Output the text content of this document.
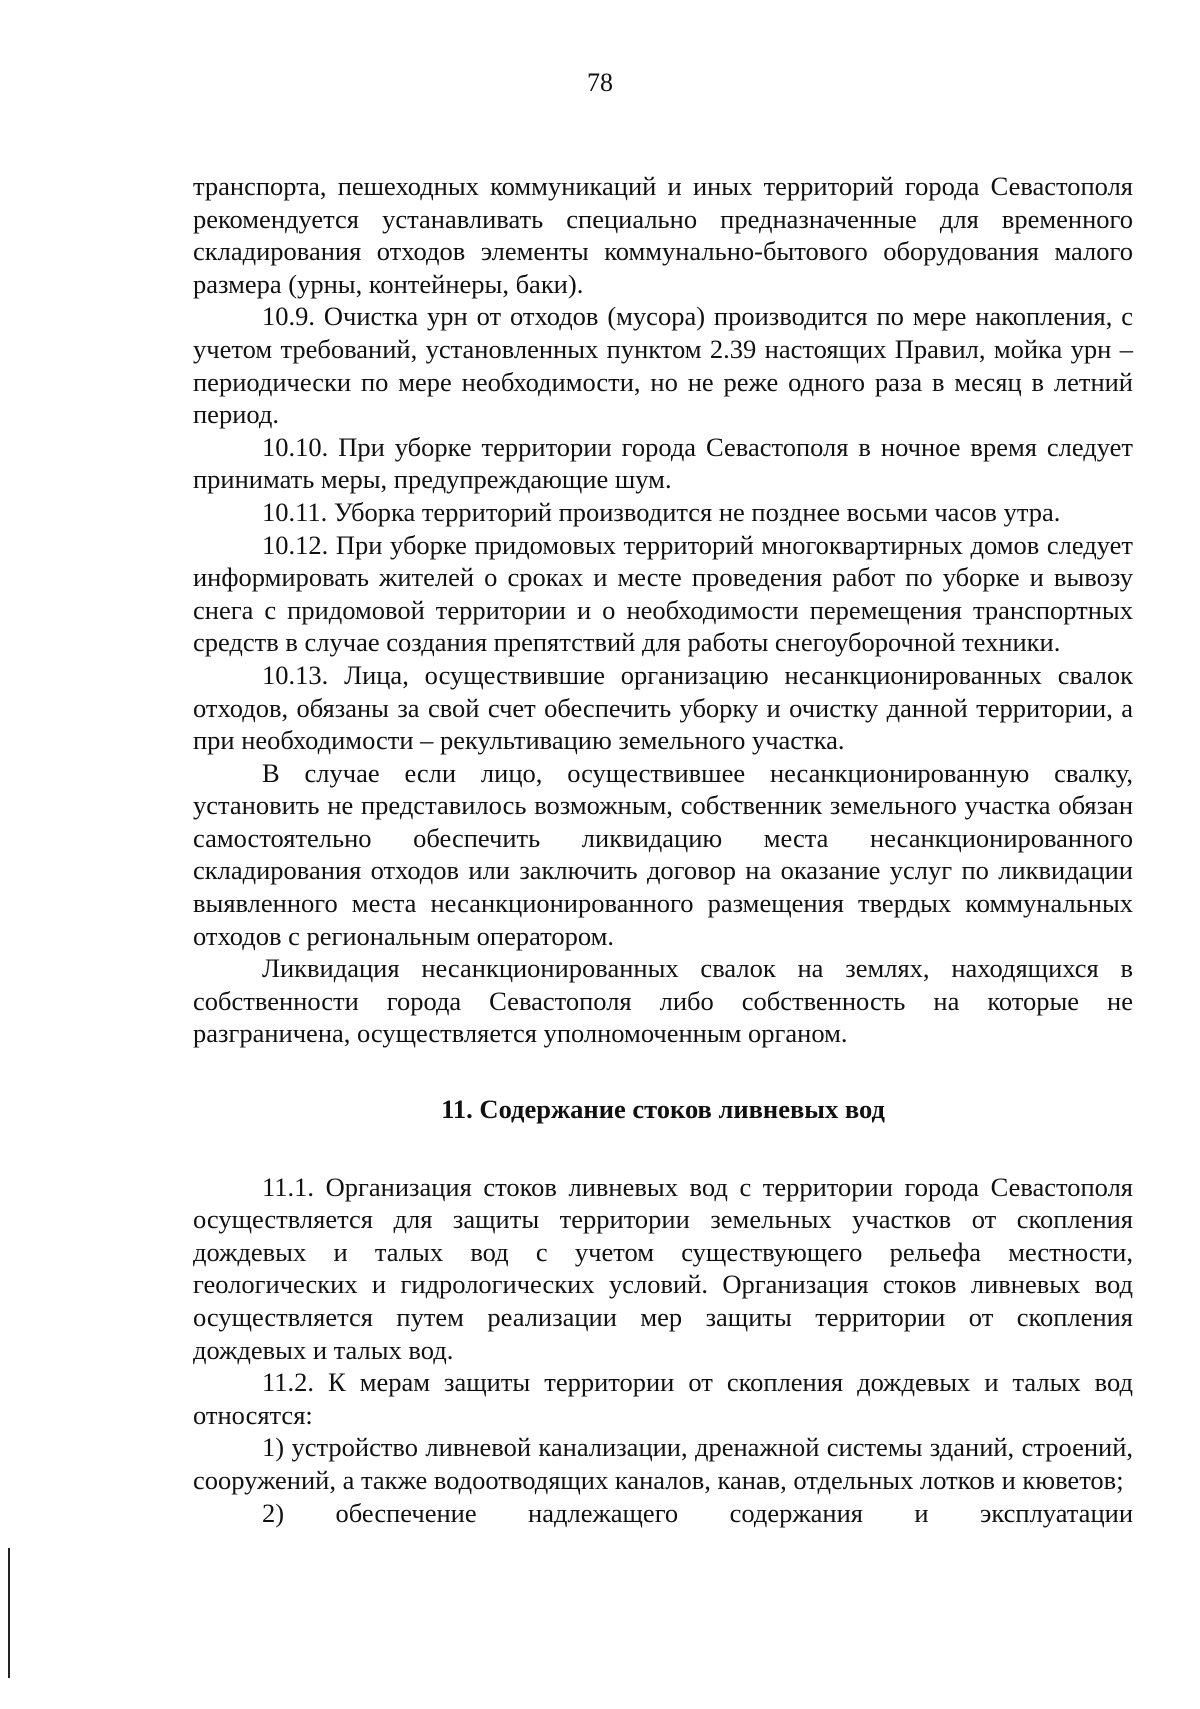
78

транспорта, пешеходных коммуникаций и иных территорий города Севастополя рекомендуется устанавливать специально предназначенные для временного складирования отходов элементы коммунально-бытового оборудования малого размера (урны, контейнеры, баки).

10.9. Очистка урн от отходов (мусора) производится по мере накопления, с учетом требований, установленных пунктом 2.39 настоящих Правил, мойка урн – периодически по мере необходимости, но не реже одного раза в месяц в летний период.

10.10. При уборке территории города Севастополя в ночное время следует принимать меры, предупреждающие шум.

10.11. Уборка территорий производится не позднее восьми часов утра.

10.12. При уборке придомовых территорий многоквартирных домов следует информировать жителей о сроках и месте проведения работ по уборке и вывозу снега с придомовой территории и о необходимости перемещения транспортных средств в случае создания препятствий для работы снегоуборочной техники.

10.13. Лица, осуществившие организацию несанкционированных свалок отходов, обязаны за свой счет обеспечить уборку и очистку данной территории, а при необходимости – рекультивацию земельного участка.

В случае если лицо, осуществившее несанкционированную свалку, установить не представилось возможным, собственник земельного участка обязан самостоятельно обеспечить ликвидацию места несанкционированного складирования отходов или заключить договор на оказание услуг по ликвидации выявленного места несанкционированного размещения твердых коммунальных отходов с региональным оператором.

Ликвидация несанкционированных свалок на землях, находящихся в собственности города Севастополя либо собственность на которые не разграничена, осуществляется уполномоченным органом.

11. Содержание стоков ливневых вод

11.1. Организация стоков ливневых вод с территории города Севастополя осуществляется для защиты территории земельных участков от скопления дождевых и талых вод с учетом существующего рельефа местности, геологических и гидрологических условий. Организация стоков ливневых вод осуществляется путем реализации мер защиты территории от скопления дождевых и талых вод.

11.2. К мерам защиты территории от скопления дождевых и талых вод относятся:

1) устройство ливневой канализации, дренажной системы зданий, строений, сооружений, а также водоотводящих каналов, канав, отдельных лотков и кюветов;

2) обеспечение надлежащего содержания и эксплуатации
